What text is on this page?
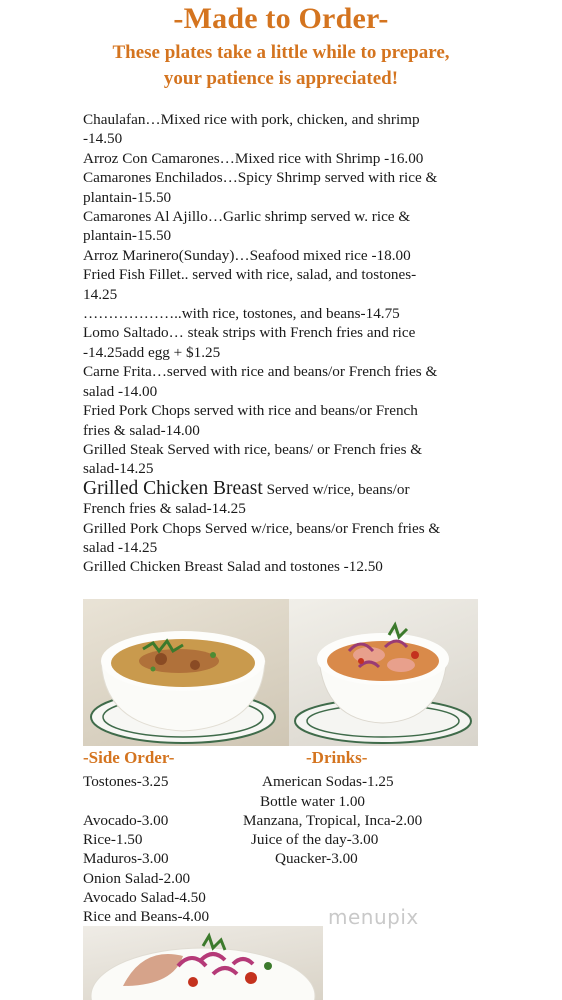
-Made to Order-
These plates take a little while to prepare,
your patience is appreciated!
Chaulafan…Mixed rice with pork, chicken, and shrimp
-14.50
Arroz Con Camarones…Mixed rice with Shrimp -16.00
Camarones Enchilados…Spicy Shrimp served with rice &
plantain-15.50
Camarones Al Ajillo…Garlic shrimp served w. rice &
plantain-15.50
Arroz Marinero(Sunday)…Seafood mixed rice -18.00
Fried Fish Fillet.. served with rice, salad, and tostones-
14.25
………………..with rice, tostones, and beans-14.75
Lomo Saltado… steak strips with French fries and rice
-14.25add egg + $1.25
Carne Frita…served with rice and beans/or French fries &
salad -14.00
Fried Pork Chops served with rice and beans/or French
fries & salad-14.00
Grilled Steak Served with rice, beans/ or French fries &
salad-14.25
Grilled Chicken Breast Served w/rice, beans/or
French fries & salad-14.25
Grilled Pork Chops Served w/rice, beans/or French fries &
salad -14.25
Grilled Chicken Breast Salad and tostones -12.50
-Side Order-	-Drinks-
Tostones-3.25
Avocado-3.00
Rice-1.50
Maduros-3.00
Onion Salad-2.00
Avocado Salad-4.50
Rice and Beans-4.00
American Sodas-1.25
Bottle water 1.00
Manzana, Tropical, Inca-2.00
Juice of the day-3.00
Quacker-3.00
menupix
